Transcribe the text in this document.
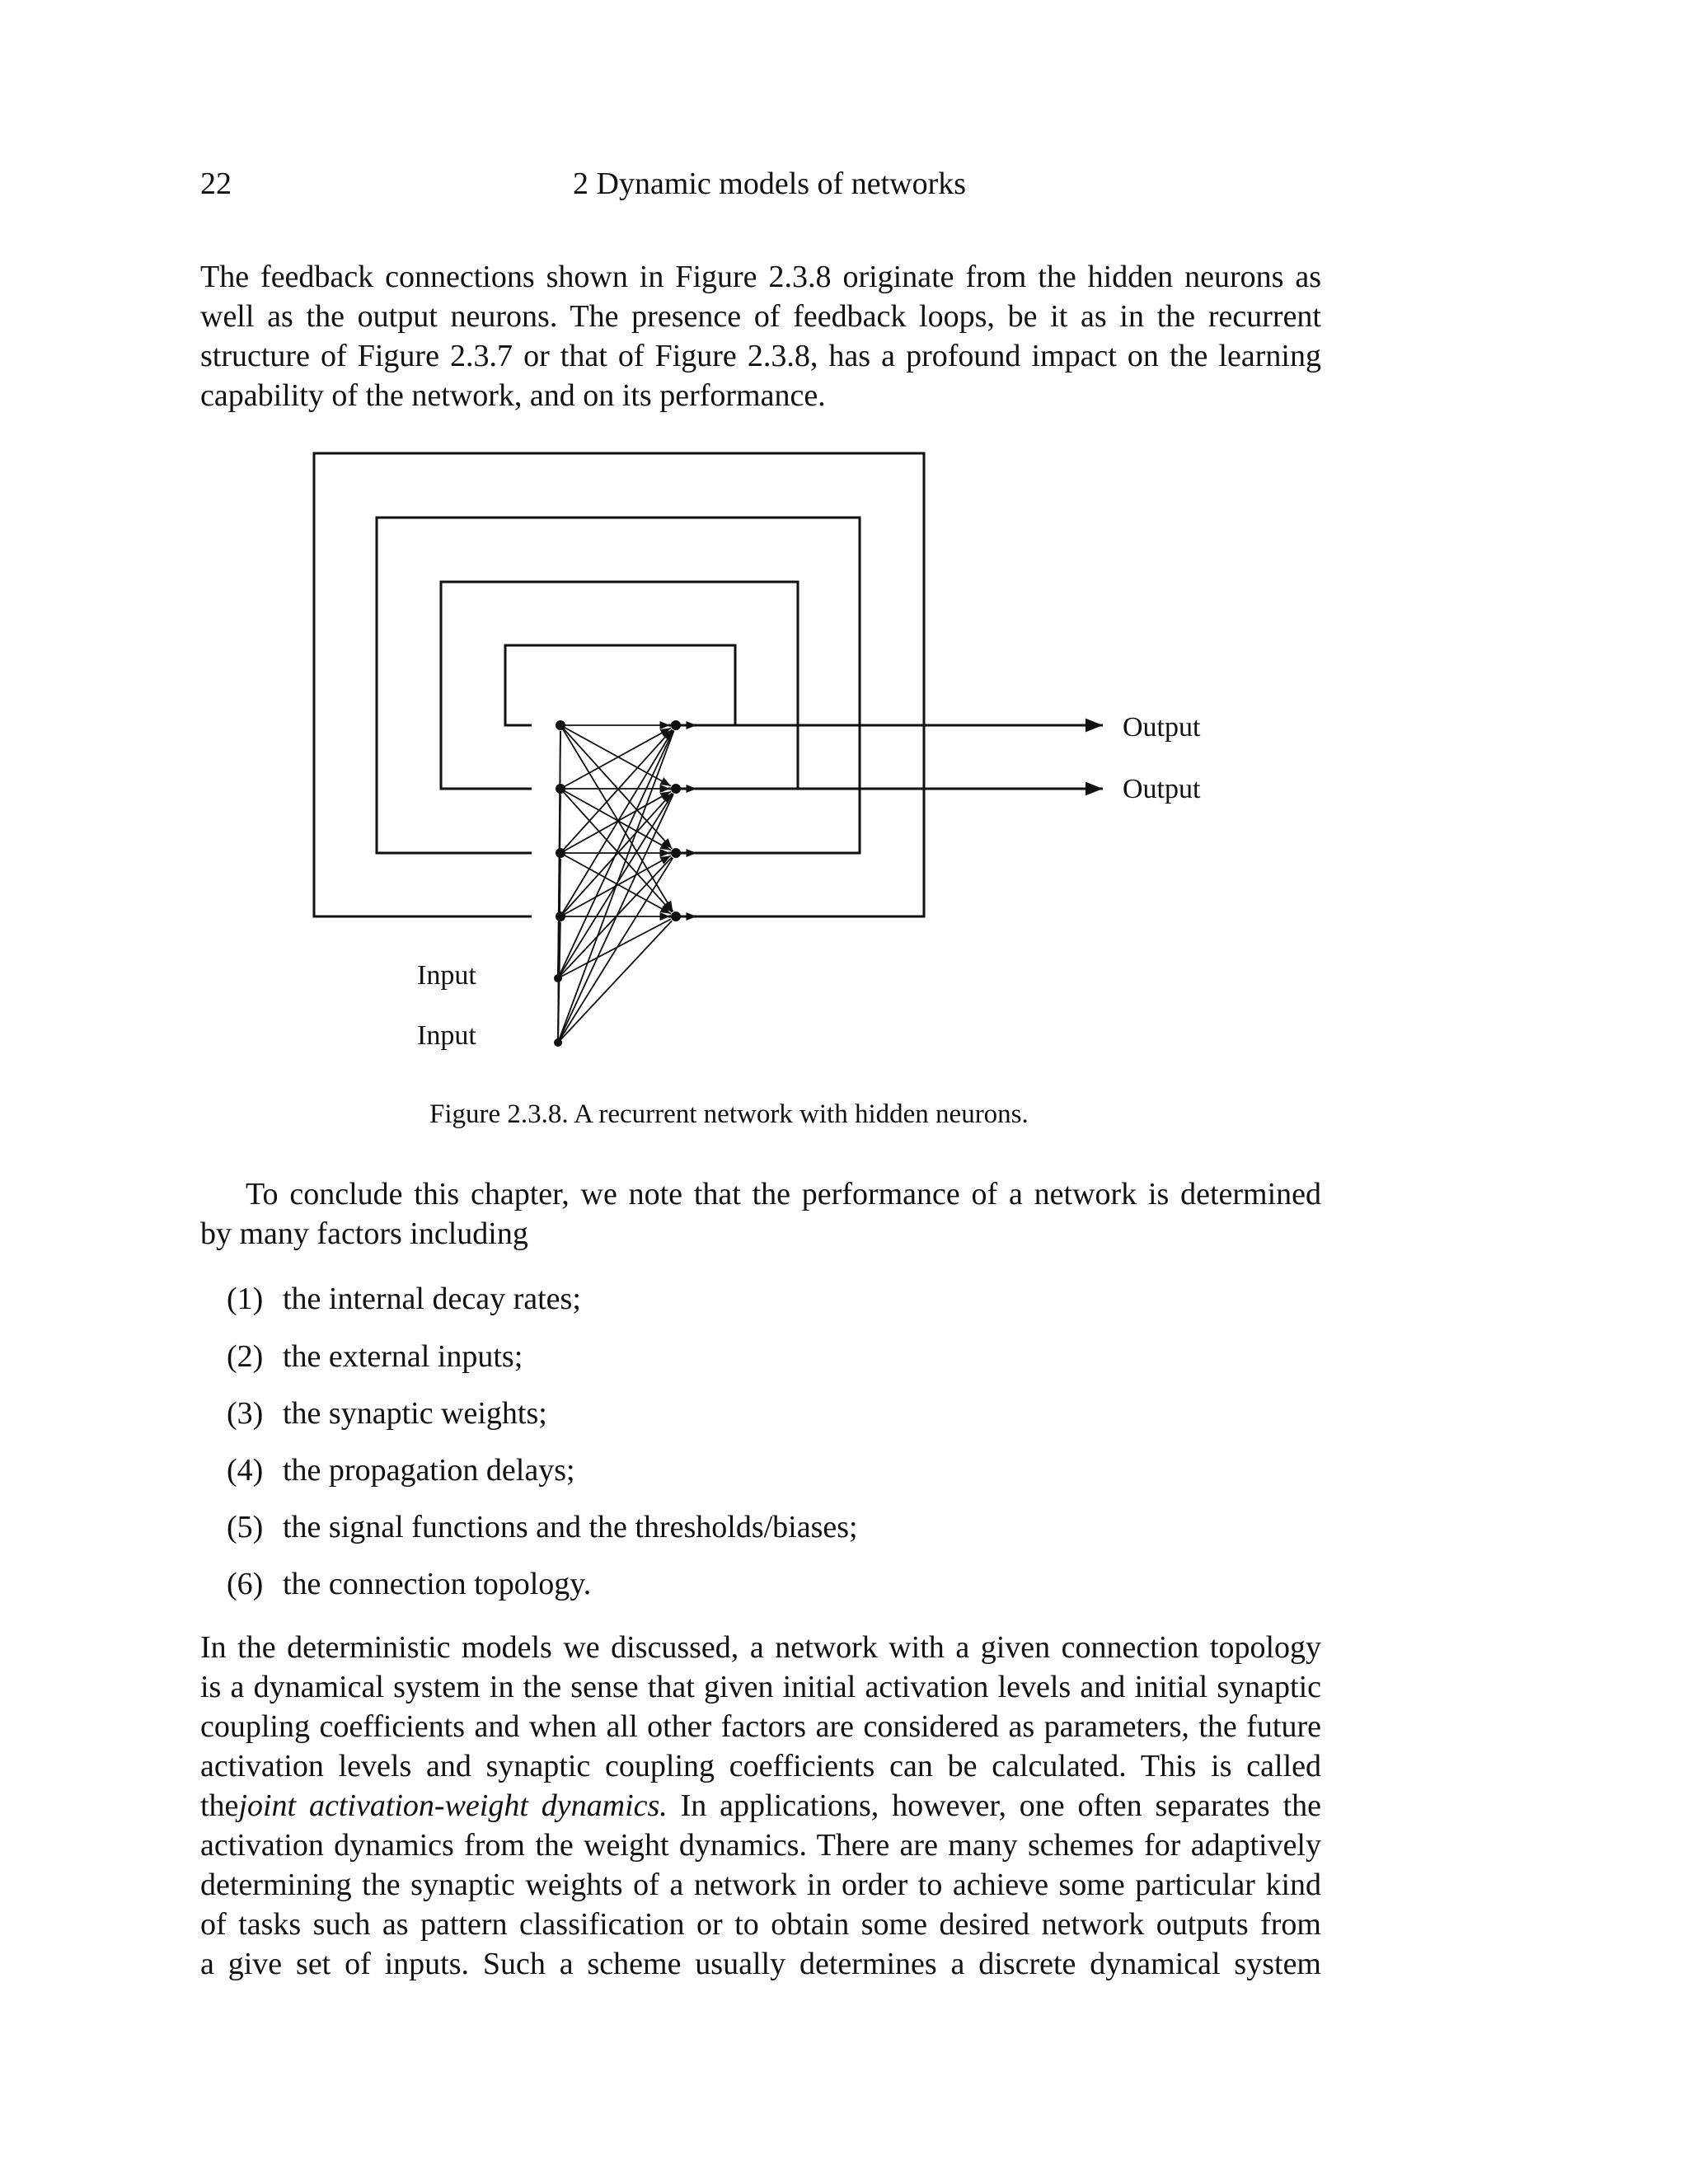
22	2 Dynamic models of networks
The feedback connections shown in Figure 2.3.8 originate from the hidden neurons as
well as the output neurons. The presence of feedback loops, be it as in the recurrent
structure of Figure 2.3.7 or that of Figure 2.3.8, has a profound impact on the learning
capability of the network, and on its performance.
Output
Output
Input
Input
Figure 2.3.8. A recurrent network with hidden neurons.
To conclude this chapter, we note that the performance of a network is determined
by many factors including
(1) the internal decay rates;
(2) the external inputs;
(3) the synaptic weights;
(4) the propagation delays;
(5) the signal functions and the thresholds/biases;
(6) the connection topology.
In the deterministic models we discussed, a network with a given connection topology
is a dynamical system in the sense that given initial activation levels and initial synaptic
coupling coefficients and when all other factors are considered as parameters, the future
activation levels and synaptic coupling coefficients can be calculated. This is called
thejoint activation-weight dynamics. In applications, however, one often separates the
activation dynamics from the weight dynamics. There are many schemes for adaptively
determining the synaptic weights of a network in order to achieve some particular kind
of tasks such as pattern classification or to obtain some desired network outputs from
a give set of inputs. Such a scheme usually determines a discrete dynamical system
